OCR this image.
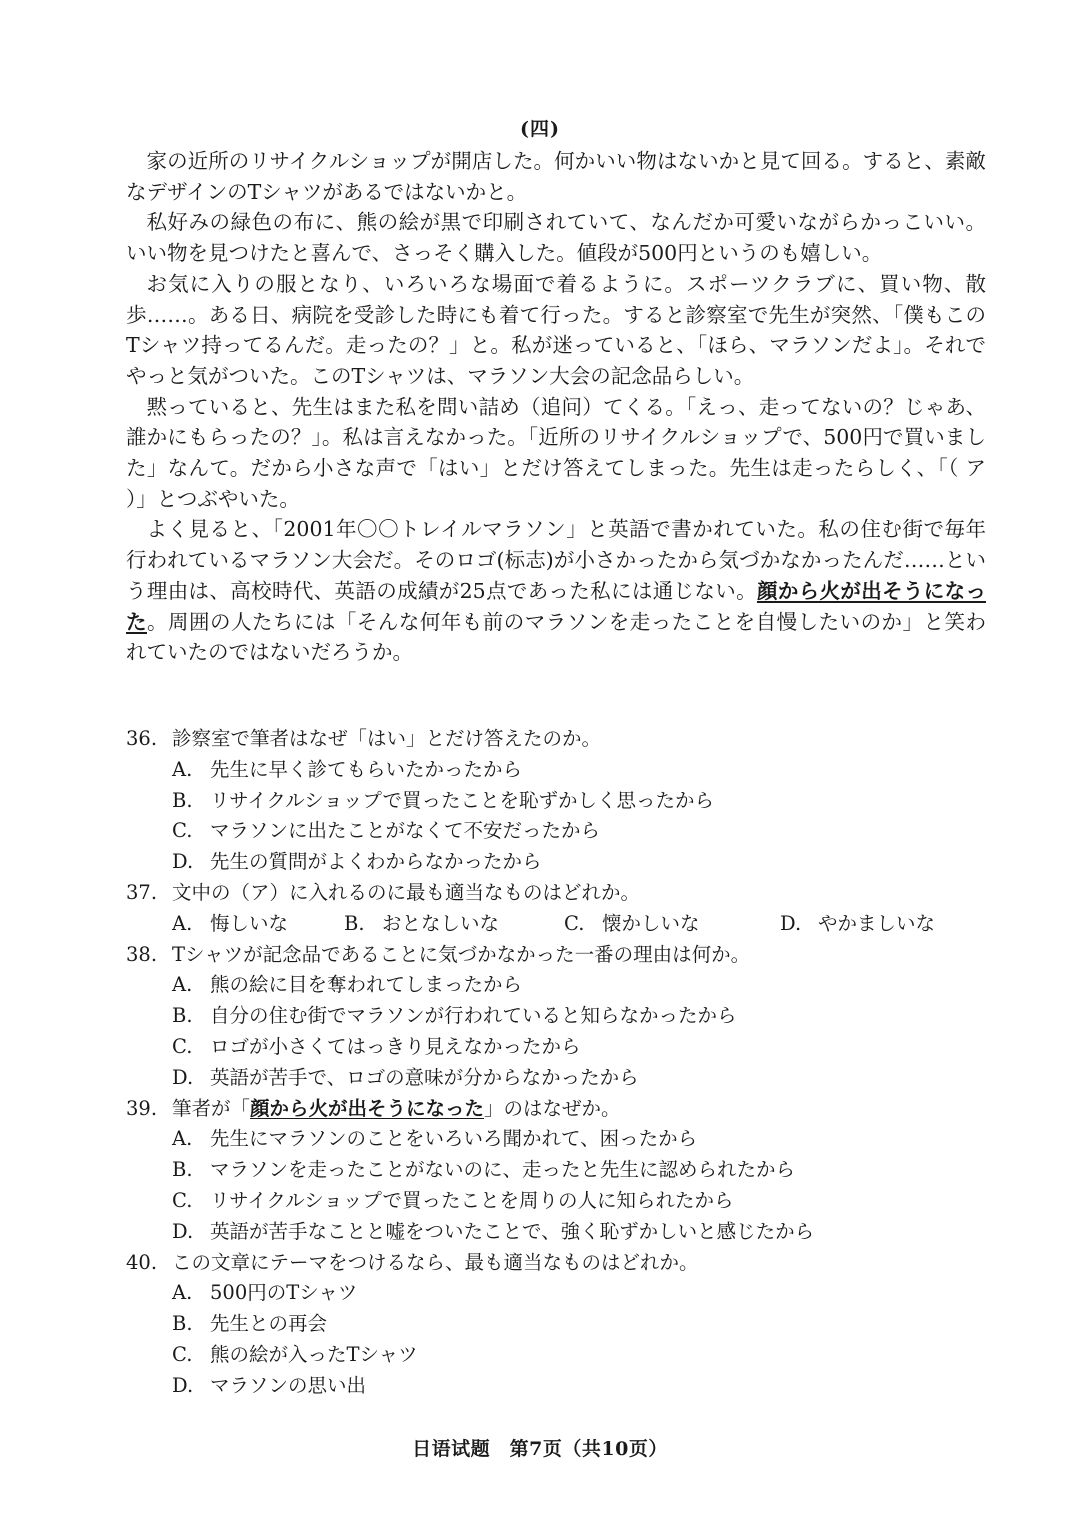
(四)

家の近所のリサイクルショップが開店した。何かいい物はないかと見て回る。すると、素敵なデザインのTシャツがあるではないかと。

私好みの緑色の布に、熊の絵が黒で印刷されていて、なんだか可愛いながらかっこいい。いい物を見つけたと喜んで、さっそく購入した。値段が500円というのも嬉しい。

お気に入りの服となり、いろいろな場面で着るように。スポーツクラブに、買い物、散歩……。ある日、病院を受診した時にも着て行った。すると診察室で先生が突然、「僕もこのTシャツ持ってるんだ。走ったの？」と。私が迷っていると、「ほら、マラソンだよ」。それでやっと気がついた。このTシャツは、マラソン大会の記念品らしい。

黙っていると、先生はまた私を問い詰め（追问）てくる。「えっ、走ってないの？じゃあ、誰かにもらったの？」。私は言えなかった。「近所のリサイクルショップで、500円で買いました」なんて。だから小さな声で「はい」とだけ答えてしまった。先生は走ったらしく、「（ ア ）」とつぶやいた。

よく見ると、「2001年〇〇トレイルマラソン」と英語で書かれていた。私の住む街で毎年行われているマラソン大会だ。そのロゴ(标志)が小さかったから気づかなかったんだ……という理由は、高校時代、英語の成績が25点であった私には通じない。顔から火が出そうになった。周囲の人たちには「そんな何年も前のマラソンを走ったことを自慢したいのか」と笑われていたのではないだろうか。

36. 診察室で筆者はなぜ「はい」とだけ答えたのか。
A. 先生に早く診てもらいたかったから
B. リサイクルショップで買ったことを恥ずかしく思ったから
C. マラソンに出たことがなくて不安だったから
D. 先生の質問がよくわからなかったから
37. 文中の（ア）に入れるのに最も適当なものはどれか。
A. 悔しいな	B. おとなしいな	C. 懐かしいな	D. やかましいな
38. Tシャツが記念品であることに気づかなかった一番の理由は何か。
A. 熊の絵に目を奪われてしまったから
B. 自分の住む街でマラソンが行われていると知らなかったから
C. ロゴが小さくてはっきり見えなかったから
D. 英語が苦手で、ロゴの意味が分からなかったから
39. 筆者が「顔から火が出そうになった」のはなぜか。
A. 先生にマラソンのことをいろいろ聞かれて、困ったから
B. マラソンを走ったことがないのに、走ったと先生に認められたから
C. リサイクルショップで買ったことを周りの人に知られたから
D. 英語が苦手なことと嘘をついたことで、強く恥ずかしいと感じたから
40. この文章にテーマをつけるなら、最も適当なものはどれか。
A. 500円のTシャツ
B. 先生との再会
C. 熊の絵が入ったTシャツ
D. マラソンの思い出
日语试题　第7页（共10页）
